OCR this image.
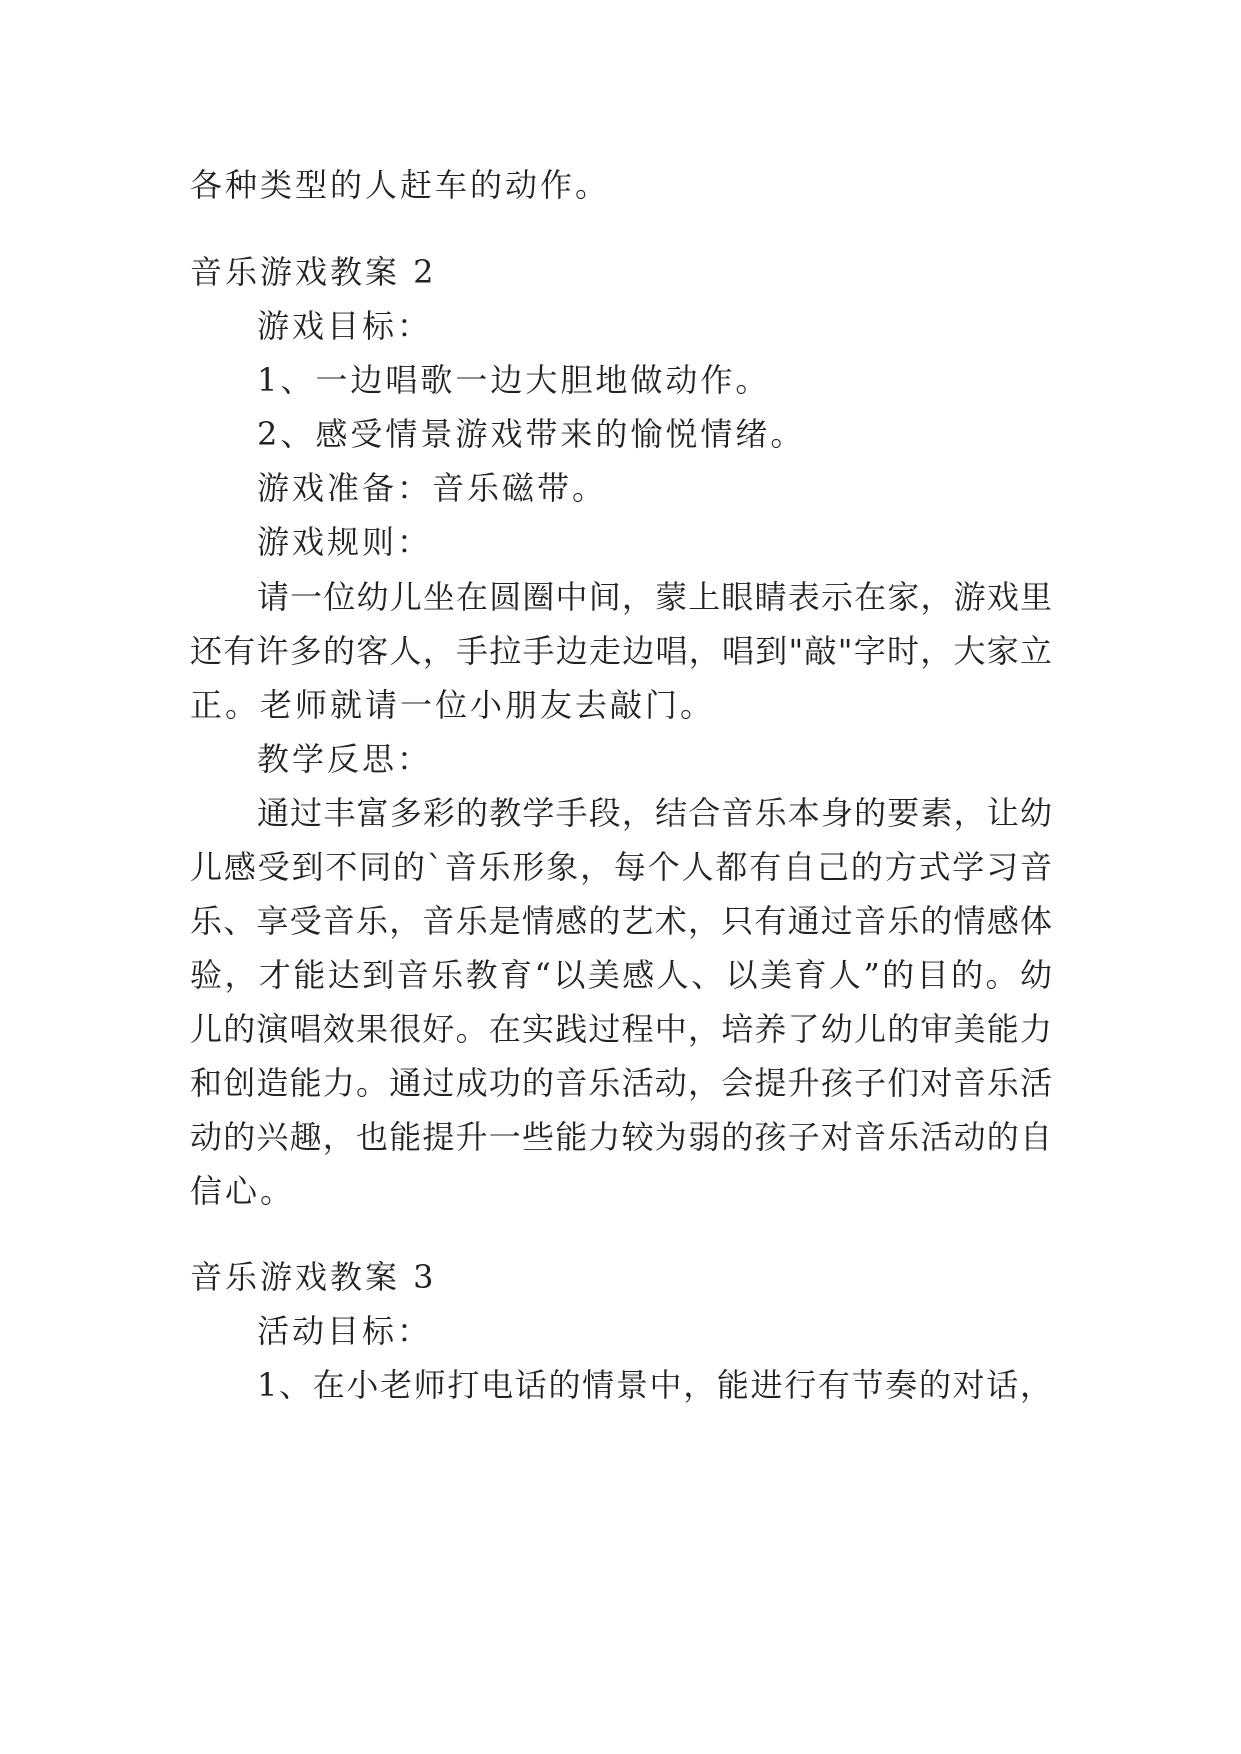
各种类型的人赶车的动作。
音乐游戏教案 2
游戏目标：
1、一边唱歌一边大胆地做动作。
2、感受情景游戏带来的愉悦情绪。
游戏准备：音乐磁带。
游戏规则：
请一位幼儿坐在圆圈中间，蒙上眼睛表示在家，游戏里
还有许多的客人，手拉手边走边唱，唱到"敲"字时，大家立
正。老师就请一位小朋友去敲门。
教学反思：
通过丰富多彩的教学手段，结合音乐本身的要素，让幼
儿感受到不同的`音乐形象，每个人都有自己的方式学习音
乐、享受音乐，音乐是情感的艺术，只有通过音乐的情感体
验，才能达到音乐教育“以美感人、以美育人”的目的。幼
儿的演唱效果很好。在实践过程中，培养了幼儿的审美能力
和创造能力。通过成功的音乐活动，会提升孩子们对音乐活
动的兴趣，也能提升一些能力较为弱的孩子对音乐活动的自
信心。
音乐游戏教案 3
活动目标：
1、在小老师打电话的情景中，能进行有节奏的对话，
